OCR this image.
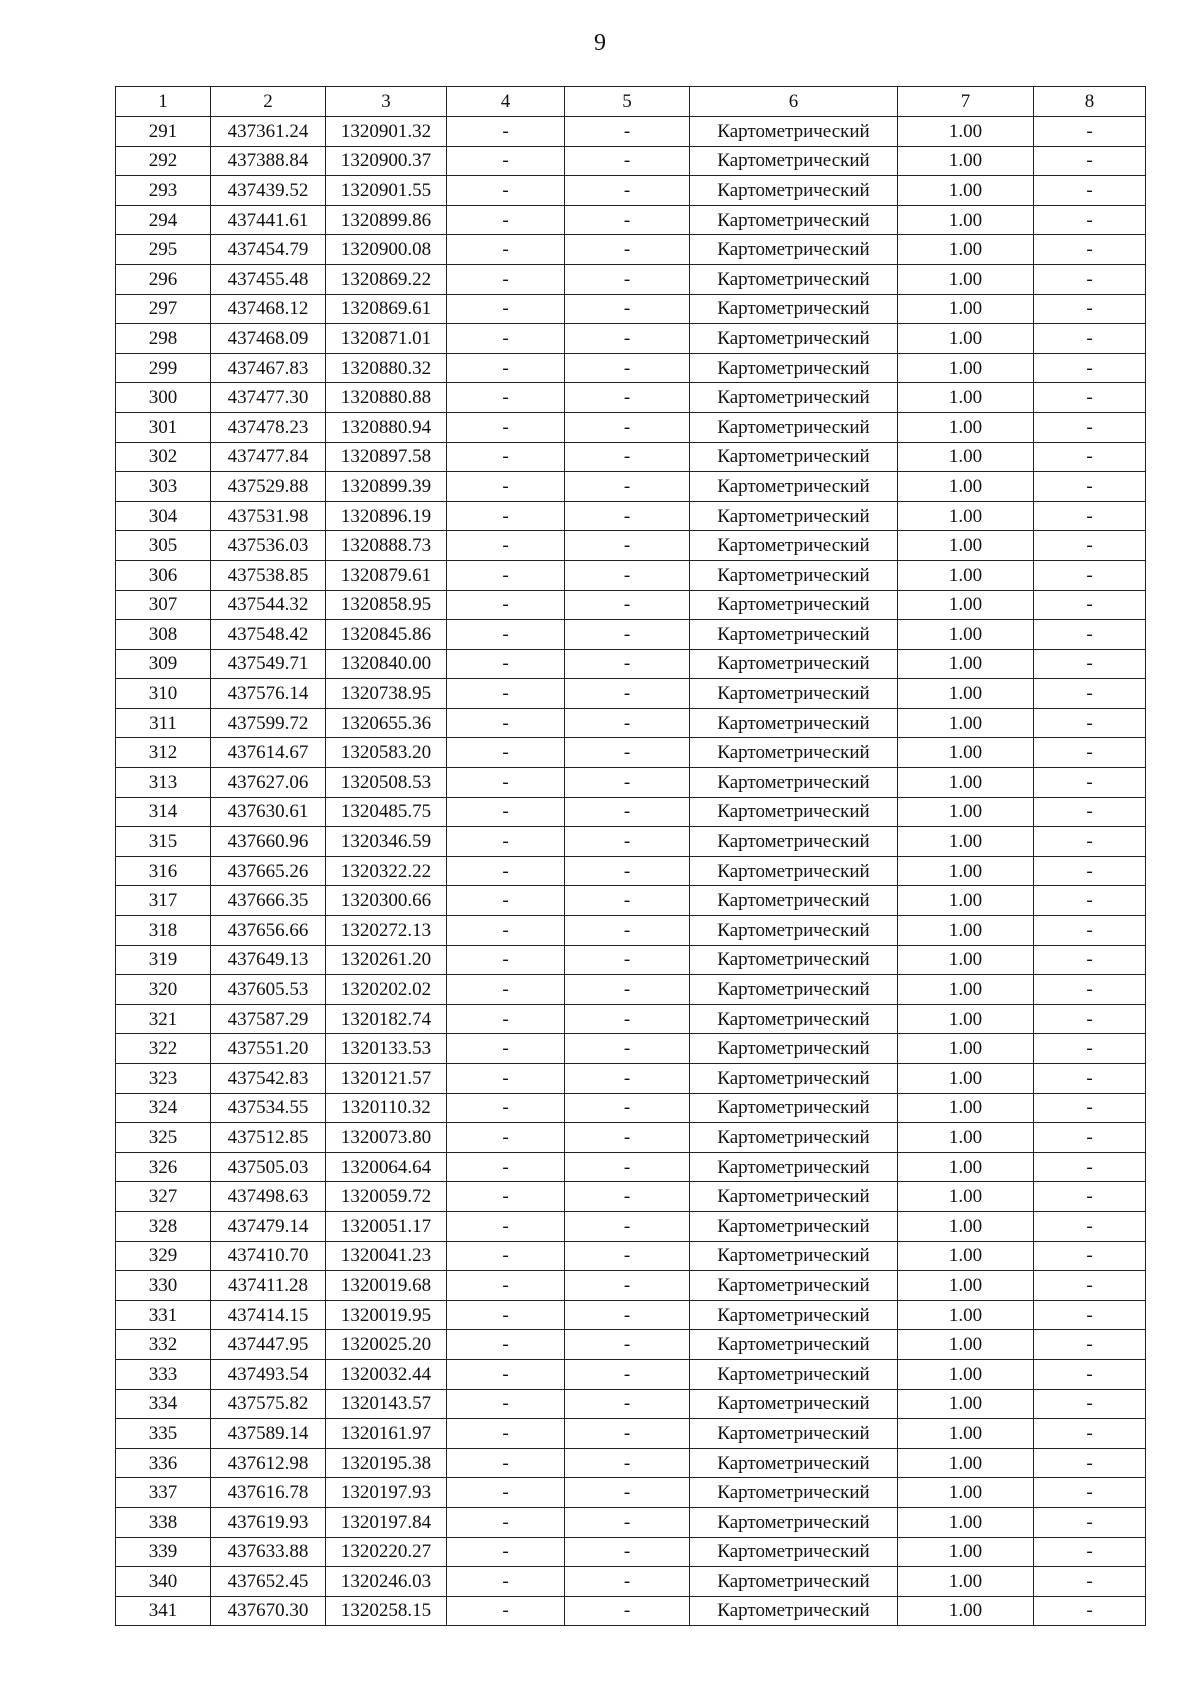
9
1	2	3	4	5	6	7	8
291	437361.24	1320901.32	-	-	Картометрический	1.00	-
292	437388.84	1320900.37	-	-	Картометрический	1.00	-
293	437439.52	1320901.55	-	-	Картометрический	1.00	-
294	437441.61	1320899.86	-	-	Картометрический	1.00	-
295	437454.79	1320900.08	-	-	Картометрический	1.00	-
296	437455.48	1320869.22	-	-	Картометрический	1.00	-
297	437468.12	1320869.61	-	-	Картометрический	1.00	-
298	437468.09	1320871.01	-	-	Картометрический	1.00	-
299	437467.83	1320880.32	-	-	Картометрический	1.00	-
300	437477.30	1320880.88	-	-	Картометрический	1.00	-
301	437478.23	1320880.94	-	-	Картометрический	1.00	-
302	437477.84	1320897.58	-	-	Картометрический	1.00	-
303	437529.88	1320899.39	-	-	Картометрический	1.00	-
304	437531.98	1320896.19	-	-	Картометрический	1.00	-
305	437536.03	1320888.73	-	-	Картометрический	1.00	-
306	437538.85	1320879.61	-	-	Картометрический	1.00	-
307	437544.32	1320858.95	-	-	Картометрический	1.00	-
308	437548.42	1320845.86	-	-	Картометрический	1.00	-
309	437549.71	1320840.00	-	-	Картометрический	1.00	-
310	437576.14	1320738.95	-	-	Картометрический	1.00	-
311	437599.72	1320655.36	-	-	Картометрический	1.00	-
312	437614.67	1320583.20	-	-	Картометрический	1.00	-
313	437627.06	1320508.53	-	-	Картометрический	1.00	-
314	437630.61	1320485.75	-	-	Картометрический	1.00	-
315	437660.96	1320346.59	-	-	Картометрический	1.00	-
316	437665.26	1320322.22	-	-	Картометрический	1.00	-
317	437666.35	1320300.66	-	-	Картометрический	1.00	-
318	437656.66	1320272.13	-	-	Картометрический	1.00	-
319	437649.13	1320261.20	-	-	Картометрический	1.00	-
320	437605.53	1320202.02	-	-	Картометрический	1.00	-
321	437587.29	1320182.74	-	-	Картометрический	1.00	-
322	437551.20	1320133.53	-	-	Картометрический	1.00	-
323	437542.83	1320121.57	-	-	Картометрический	1.00	-
324	437534.55	1320110.32	-	-	Картометрический	1.00	-
325	437512.85	1320073.80	-	-	Картометрический	1.00	-
326	437505.03	1320064.64	-	-	Картометрический	1.00	-
327	437498.63	1320059.72	-	-	Картометрический	1.00	-
328	437479.14	1320051.17	-	-	Картометрический	1.00	-
329	437410.70	1320041.23	-	-	Картометрический	1.00	-
330	437411.28	1320019.68	-	-	Картометрический	1.00	-
331	437414.15	1320019.95	-	-	Картометрический	1.00	-
332	437447.95	1320025.20	-	-	Картометрический	1.00	-
333	437493.54	1320032.44	-	-	Картометрический	1.00	-
334	437575.82	1320143.57	-	-	Картометрический	1.00	-
335	437589.14	1320161.97	-	-	Картометрический	1.00	-
336	437612.98	1320195.38	-	-	Картометрический	1.00	-
337	437616.78	1320197.93	-	-	Картометрический	1.00	-
338	437619.93	1320197.84	-	-	Картометрический	1.00	-
339	437633.88	1320220.27	-	-	Картометрический	1.00	-
340	437652.45	1320246.03	-	-	Картометрический	1.00	-
341	437670.30	1320258.15	-	-	Картометрический	1.00	-
